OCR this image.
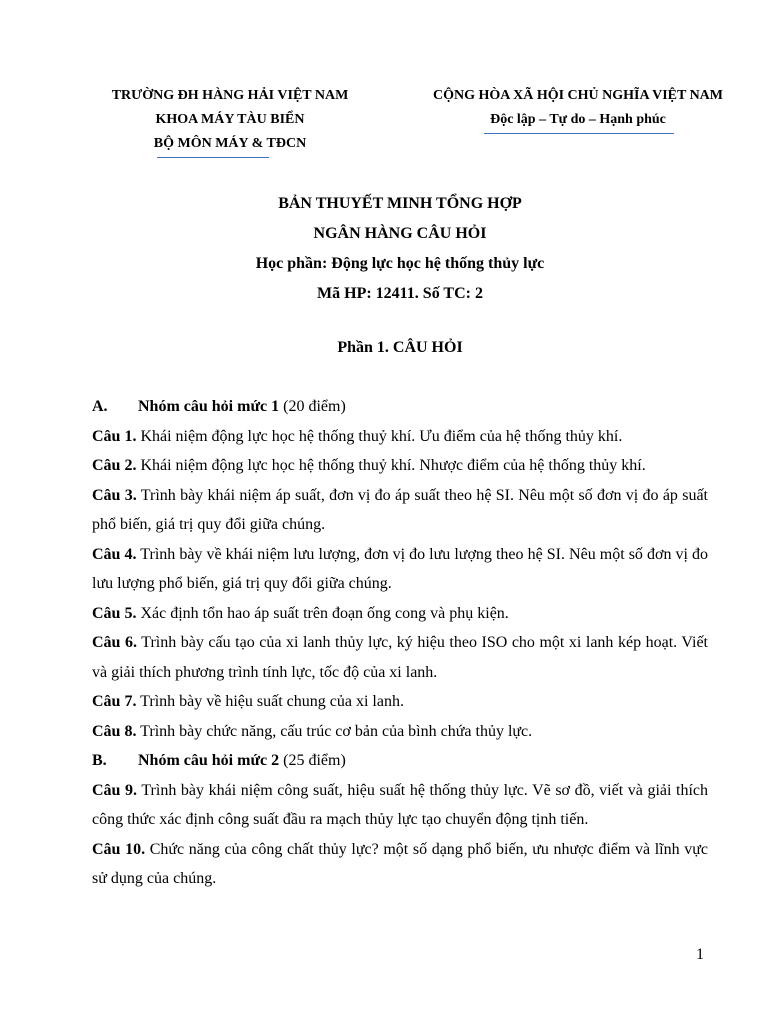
TRƯỜNG ĐH HÀNG HẢI VIỆT NAM
KHOA MÁY TÀU BIỂN
BỘ MÔN MÁY & TĐCN
CỘNG HÒA XÃ HỘI CHỦ NGHĨA VIỆT NAM
Độc lập – Tự do – Hạnh phúc
BẢN THUYẾT MINH TỔNG HỢP
NGÂN HÀNG CÂU HỎI
Học phần: Động lực học hệ thống thủy lực
Mã HP: 12411. Số TC: 2
Phần 1. CÂU HỎI
A.	Nhóm câu hỏi mức 1 (20 điểm)

Câu 1. Khái niệm động lực học hệ thống thuỷ khí. Ưu điểm của hệ thống thủy khí.

Câu 2. Khái niệm động lực học hệ thống thuỷ khí. Nhược điểm của hệ thống thủy khí.

Câu 3. Trình bày khái niệm áp suất, đơn vị đo áp suất theo hệ SI. Nêu một số đơn vị đo áp suất phổ biến, giá trị quy đổi giữa chúng.

Câu 4. Trình bày về khái niệm lưu lượng, đơn vị đo lưu lượng theo hệ SI. Nêu một số đơn vị đo lưu lượng phổ biến, giá trị quy đổi giữa chúng.

Câu 5. Xác định tổn hao áp suất trên đoạn ống cong và phụ kiện.

Câu 6. Trình bày cấu tạo của xi lanh thủy lực, ký hiệu theo ISO cho một xi lanh kép hoạt. Viết và giải thích phương trình tính lực, tốc độ của xi lanh.

Câu 7. Trình bày về hiệu suất chung của xi lanh.

Câu 8. Trình bày chức năng, cấu trúc cơ bản của bình chứa thủy lực.

B.	Nhóm câu hỏi mức 2 (25 điểm)

Câu 9. Trình bày khái niệm công suất, hiệu suất hệ thống thủy lực. Vẽ sơ đồ, viết và giải thích công thức xác định công suất đầu ra mạch thủy lực tạo chuyển động tịnh tiến.

Câu 10. Chức năng của công chất thủy lực? một số dạng phổ biến, ưu nhược điểm và lĩnh vực sử dụng của chúng.

1
